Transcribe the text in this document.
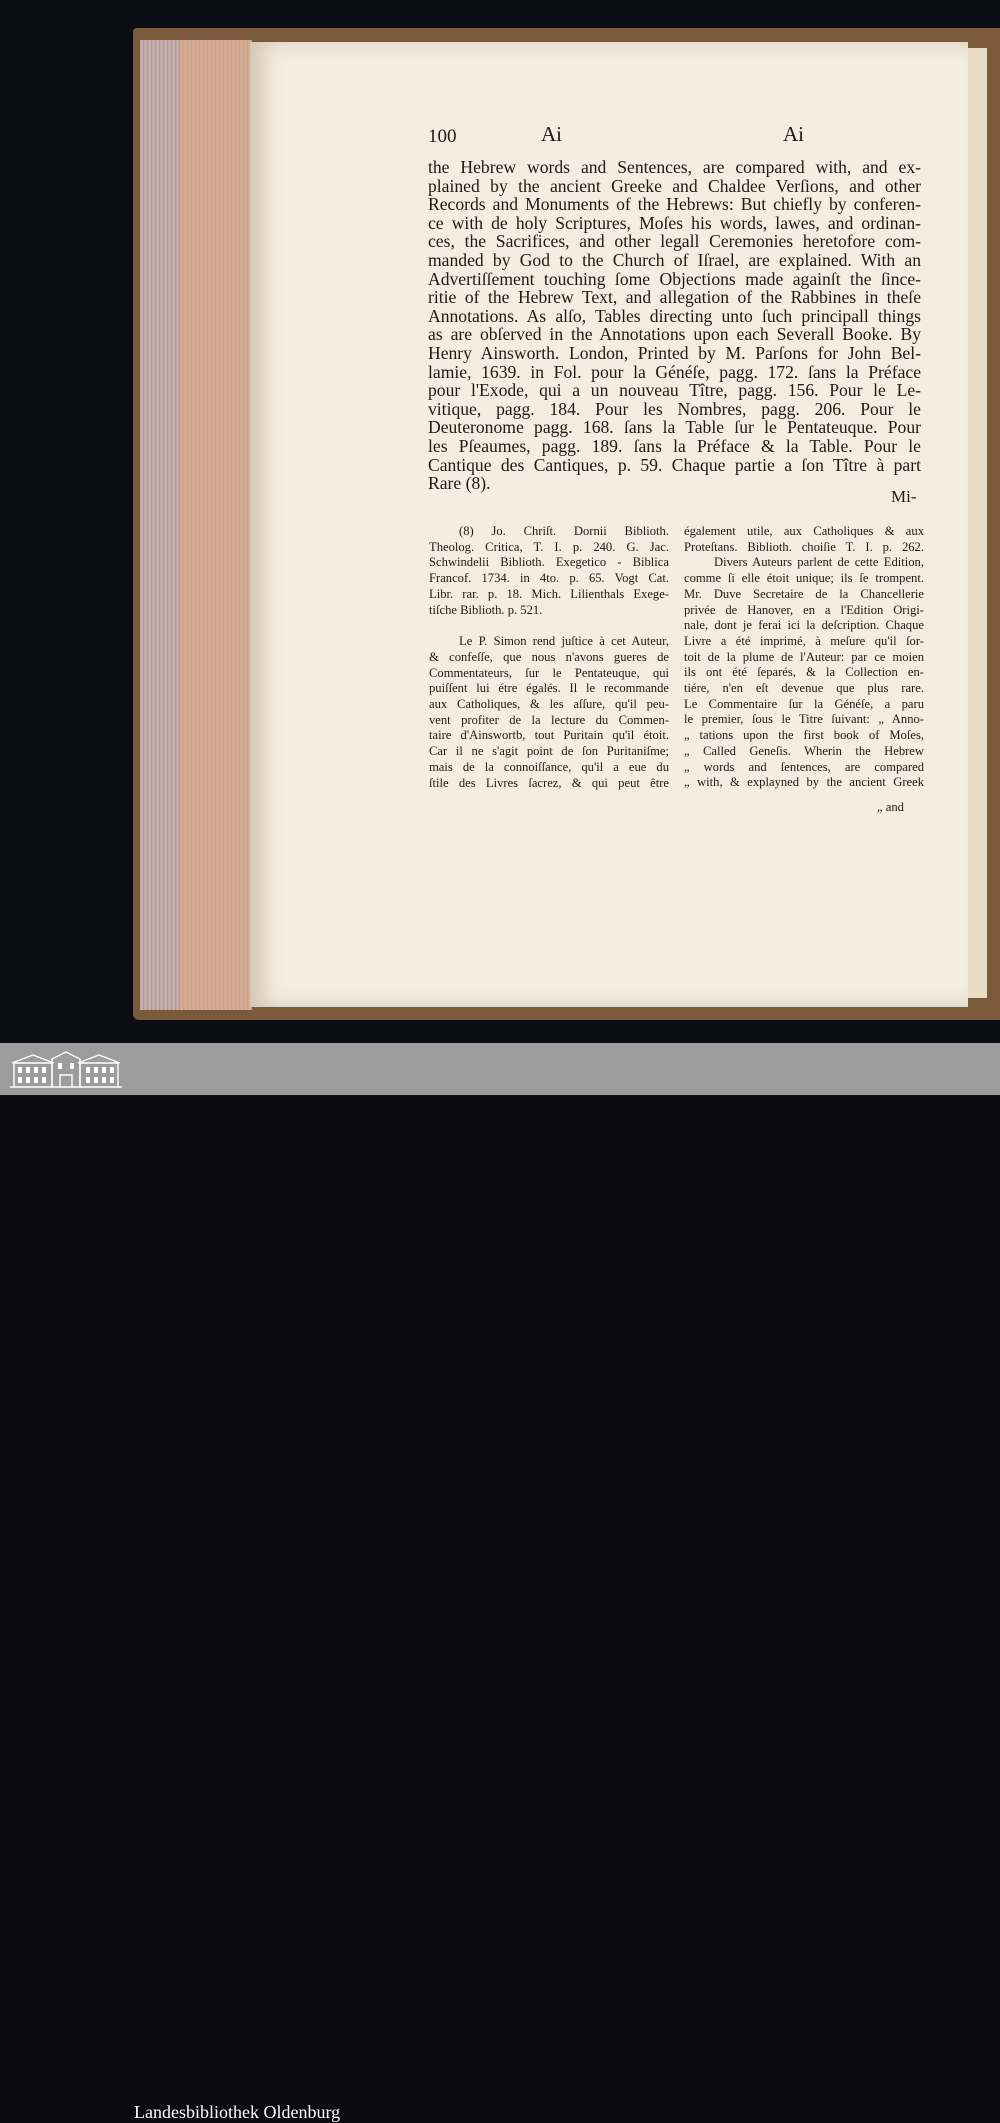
100	Ai	Ai
the Hebrew words and Sentences, are compared with, and ex-
plained by the ancient Greeke and Chaldee Verſions, and other
Records and Monuments of the Hebrews: But chiefly by conferen-
ce with de holy Scriptures, Moſes his words, lawes, and ordinan-
ces, the Sacrifices, and other legall Ceremonies heretofore com-
manded by God to the Church of Iſrael, are explained. With an
Advertiſſement touching ſome Objections made againſt the ſince-
ritie of the Hebrew Text, and allegation of the Rabbines in theſe
Annotations. As alſo, Tables directing unto ſuch principall things
as are obſerved in the Annotations upon each Severall Booke. By
Henry Ainsworth. London, Printed by M. Parſons for John Bel-
lamie, 1639. in Fol. pour la Généſe, pagg. 172. ſans la Préface
pour l'Exode, qui a un nouveau Tître, pagg. 156. Pour le Le-
vitique, pagg. 184. Pour les Nombres, pagg. 206. Pour le
Deuteronome pagg. 168. ſans la Table ſur le Pentateuque. Pour
les Pſeaumes, pagg. 189. ſans la Préface & la Table. Pour le
Cantique des Cantiques, p. 59. Chaque partie a ſon Tître à part
Rare (8).
Mi-
(8) Jo. Chriſt. Dornii Biblioth.
Theolog. Critica, T. I. p. 240. G. Jac.
Schwindelii Biblioth. Exegetico - Biblica
Francof. 1734. in 4to. p. 65. Vogt Cat.
Libr. rar. p. 18. Mich. Lilienthals Exege-
tiſche Biblioth. p. 521.
Le P. Simon rend juſtice à cet Auteur,
& confeſſe, que nous n'avons gueres de
Commentateurs, ſur le Pentateuque, qui
puiſſent lui étre égalés. Il le recommande
aux Catholiques, & les aſſure, qu'il peu-
vent profiter de la lecture du Commen-
taire d'Ainswortb, tout Puritain qu'il étoit.
Car il ne s'agit point de ſon Puritaniſme;
mais de la connoiſſance, qu'il a eue du
ſtile des Livres ſacrez, & qui peut être
également utile, aux Catholiques & aux
Proteſtans. Biblioth. choiſie T. I. p. 262.
Divers Auteurs parlent de cette Edition,
comme ſi elle étoit unique; ils ſe trompent.
Mr. Duve Secretaire de la Chancellerie
privée de Hanover, en a l'Edition Origi-
nale, dont je ferai ici la deſcription. Chaque
Livre a été imprimé, à meſure qu'il ſor-
toit de la plume de l'Auteur: par ce moien
ils ont été ſeparés, & la Collection en-
tiére, n'en eſt devenue que plus rare.
Le Commentaire ſur la Généſe, a paru
le premier, ſous le Titre ſuivant: „ Anno-
„ tations upon the first book of Moſes,
„ Called Geneſis. Wherin the Hebrew
„ words and ſentences, are compared
„ with, & explayned by the ancient Greek
„ and
Landesbibliothek Oldenburg
